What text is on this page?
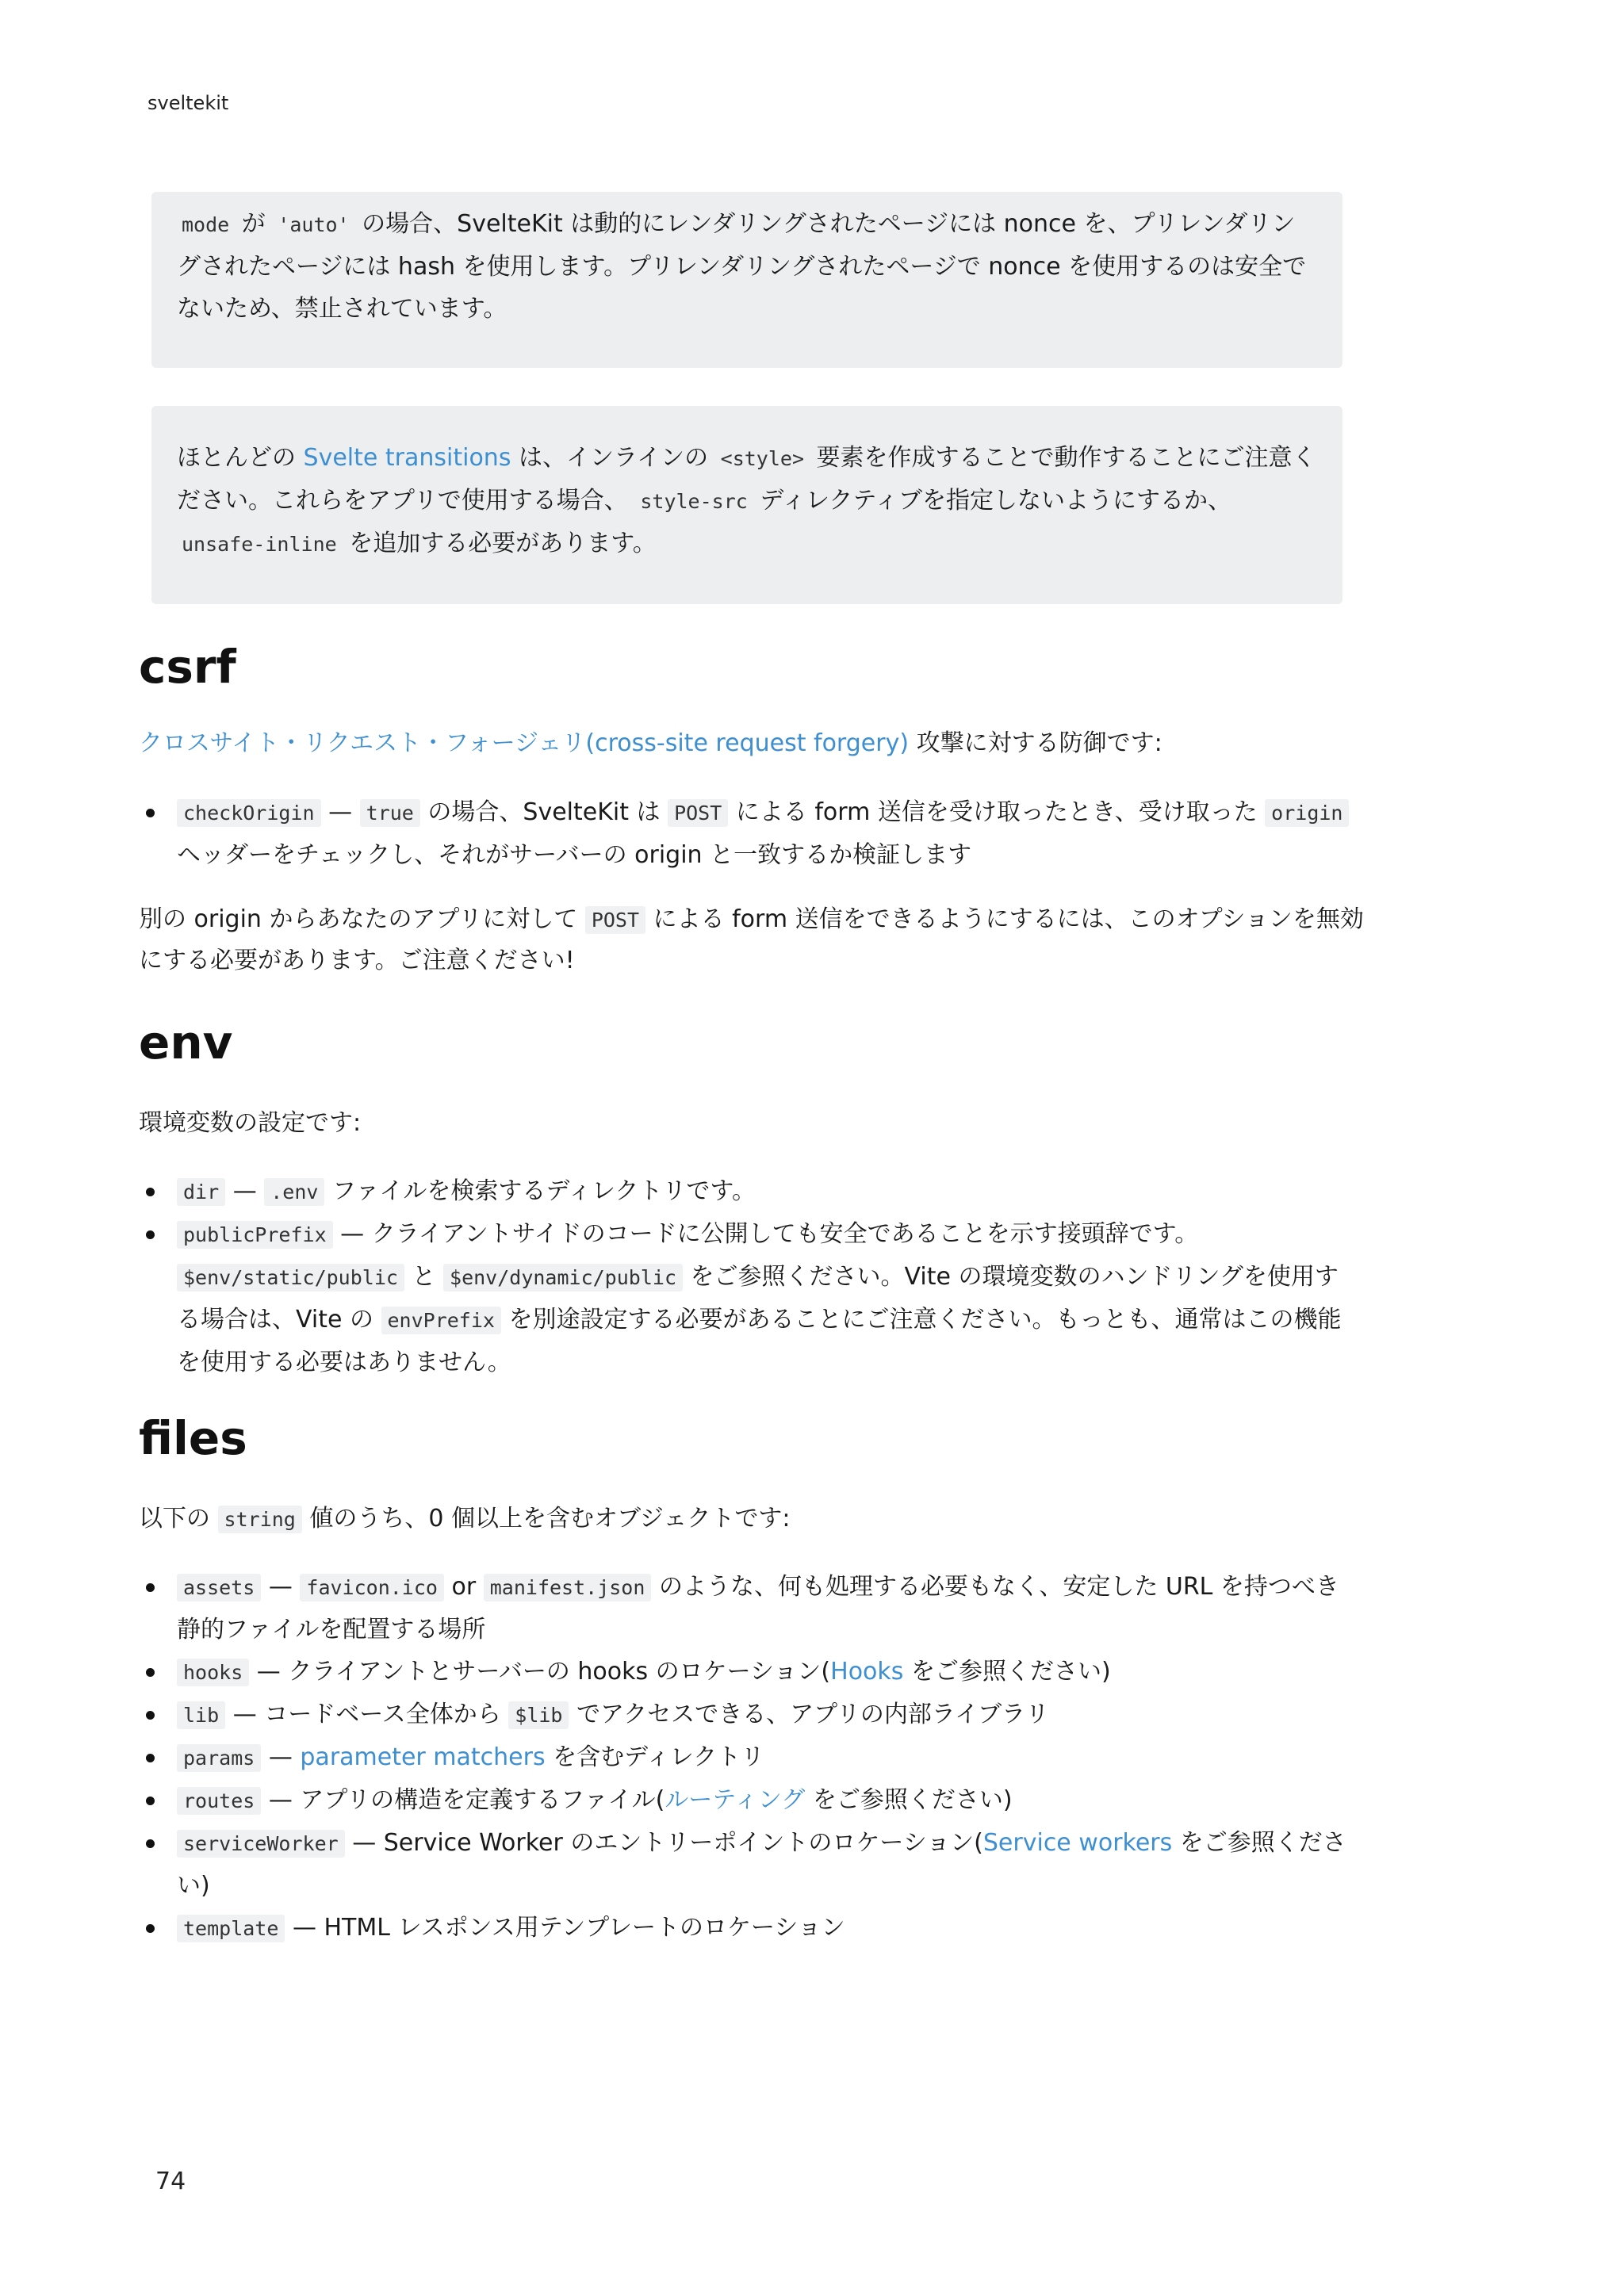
sveltekit

mode が 'auto' の場合、SvelteKit は動的にレンダリングされたページには nonce を、プリレンダリングされたページには hash を使用します。プリレンダリングされたページで nonce を使用するのは安全でないため、禁止されています。

ほとんどの Svelte transitions は、インラインの <style> 要素を作成することで動作することにご注意ください。これらをアプリで使用する場合、 style-src ディレクティブを指定しないようにするか、 unsafe-inline を追加する必要があります。

csrf

クロスサイト・リクエスト・フォージェリ(cross-site request forgery) 攻撃に対する防御です:

checkOrigin — true の場合、SvelteKit は POST による form 送信を受け取ったとき、受け取った origin ヘッダーをチェックし、それがサーバーの origin と一致するか検証します

別の origin からあなたのアプリに対して POST による form 送信をできるようにするには、このオプションを無効にする必要があります。ご注意ください!

env

環境変数の設定です:

dir — .env ファイルを検索するディレクトリです。
publicPrefix — クライアントサイドのコードに公開しても安全であることを示す接頭辞です。 $env/static/public と $env/dynamic/public をご参照ください。Vite の環境変数のハンドリングを使用する場合は、Vite の envPrefix を別途設定する必要があることにご注意ください。もっとも、通常はこの機能を使用する必要はありません。
files

以下の string 値のうち、0 個以上を含むオブジェクトです:

assets — favicon.ico or manifest.json のような、何も処理する必要もなく、安定した URL を持つべき静的ファイルを配置する場所
hooks — クライアントとサーバーの hooks のロケーション(Hooks をご参照ください)
lib — コードベース全体から $lib でアクセスできる、アプリの内部ライブラリ
params — parameter matchers を含むディレクトリ
routes — アプリの構造を定義するファイル(ルーティング をご参照ください)
serviceWorker — Service Worker のエントリーポイントのロケーション(Service workers をご参照ください)
template — HTML レスポンス用テンプレートのロケーション
74
